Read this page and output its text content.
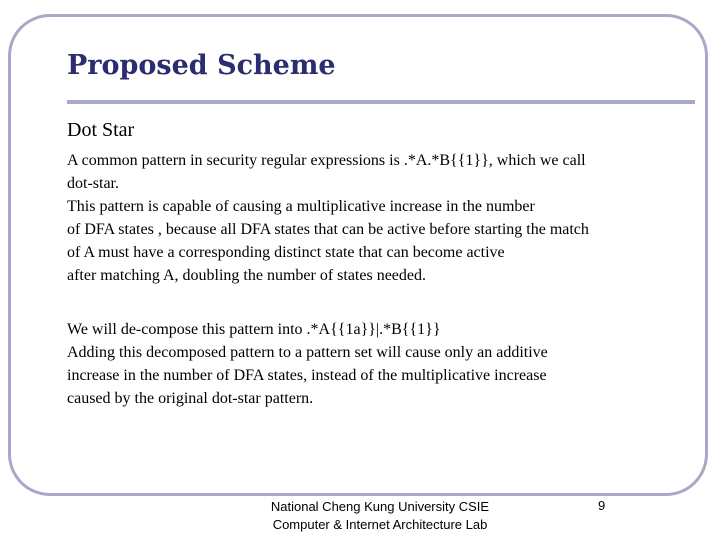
Proposed Scheme
Dot Star
A common pattern in security regular expressions is .*A.*B{{1}}, which we call
dot-star.
This pattern is capable of causing a multiplicative increase in the number
of DFA states , because all DFA states that can be active before starting the match
of A must have a corresponding distinct state that can become active
after matching A, doubling the number of states needed.
We will de-compose this pattern into .*A{{1a}}|.*B{{1}}
Adding this decomposed pattern to a pattern set will cause only an additive
increase in the number of DFA states, instead of the multiplicative increase
caused by the original dot-star pattern.
National Cheng Kung University CSIE
Computer & Internet Architecture Lab
9
